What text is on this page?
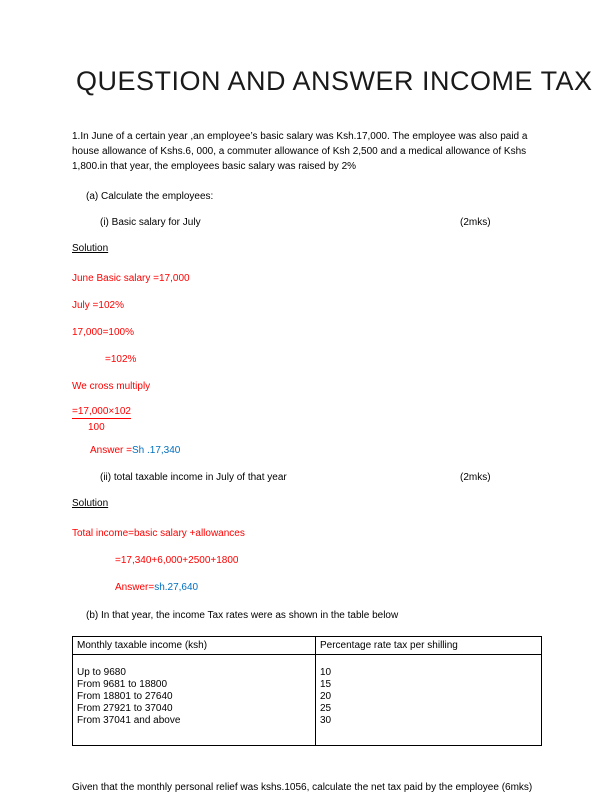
QUESTION AND ANSWER INCOME TAX

1.In June of a certain year ,an employee’s basic salary was Ksh.17,000. The employee was also paid a house allowance of Kshs.6, 000, a commuter allowance of Ksh 2,500 and a medical allowance of Kshs 1,800.in that year, the employees basic salary was raised by 2%

(a) Calculate the employees:

(i) Basic salary for July	(2mks)

Solution

June Basic salary =17,000

July =102%

17,000=100%

=102%

We cross multiply

=17,000×102
100

Answer =Sh .17,340

(ii) total taxable income in July of that year	(2mks)

Solution

Total income=basic salary +allowances

=17,340+6,000+2500+1800

Answer=sh.27,640

(b) In that year, the income Tax rates were as shown in the table below

Monthly taxable income (ksh)	Percentage rate tax per shilling

Up to 9680	10
From 9681 to 18800	15
From 18801 to 27640	20
From 27921 to 37040	25
From 37041 and above	30

Given that the monthly personal relief was kshs.1056, calculate the net tax paid by the employee (6mks)
